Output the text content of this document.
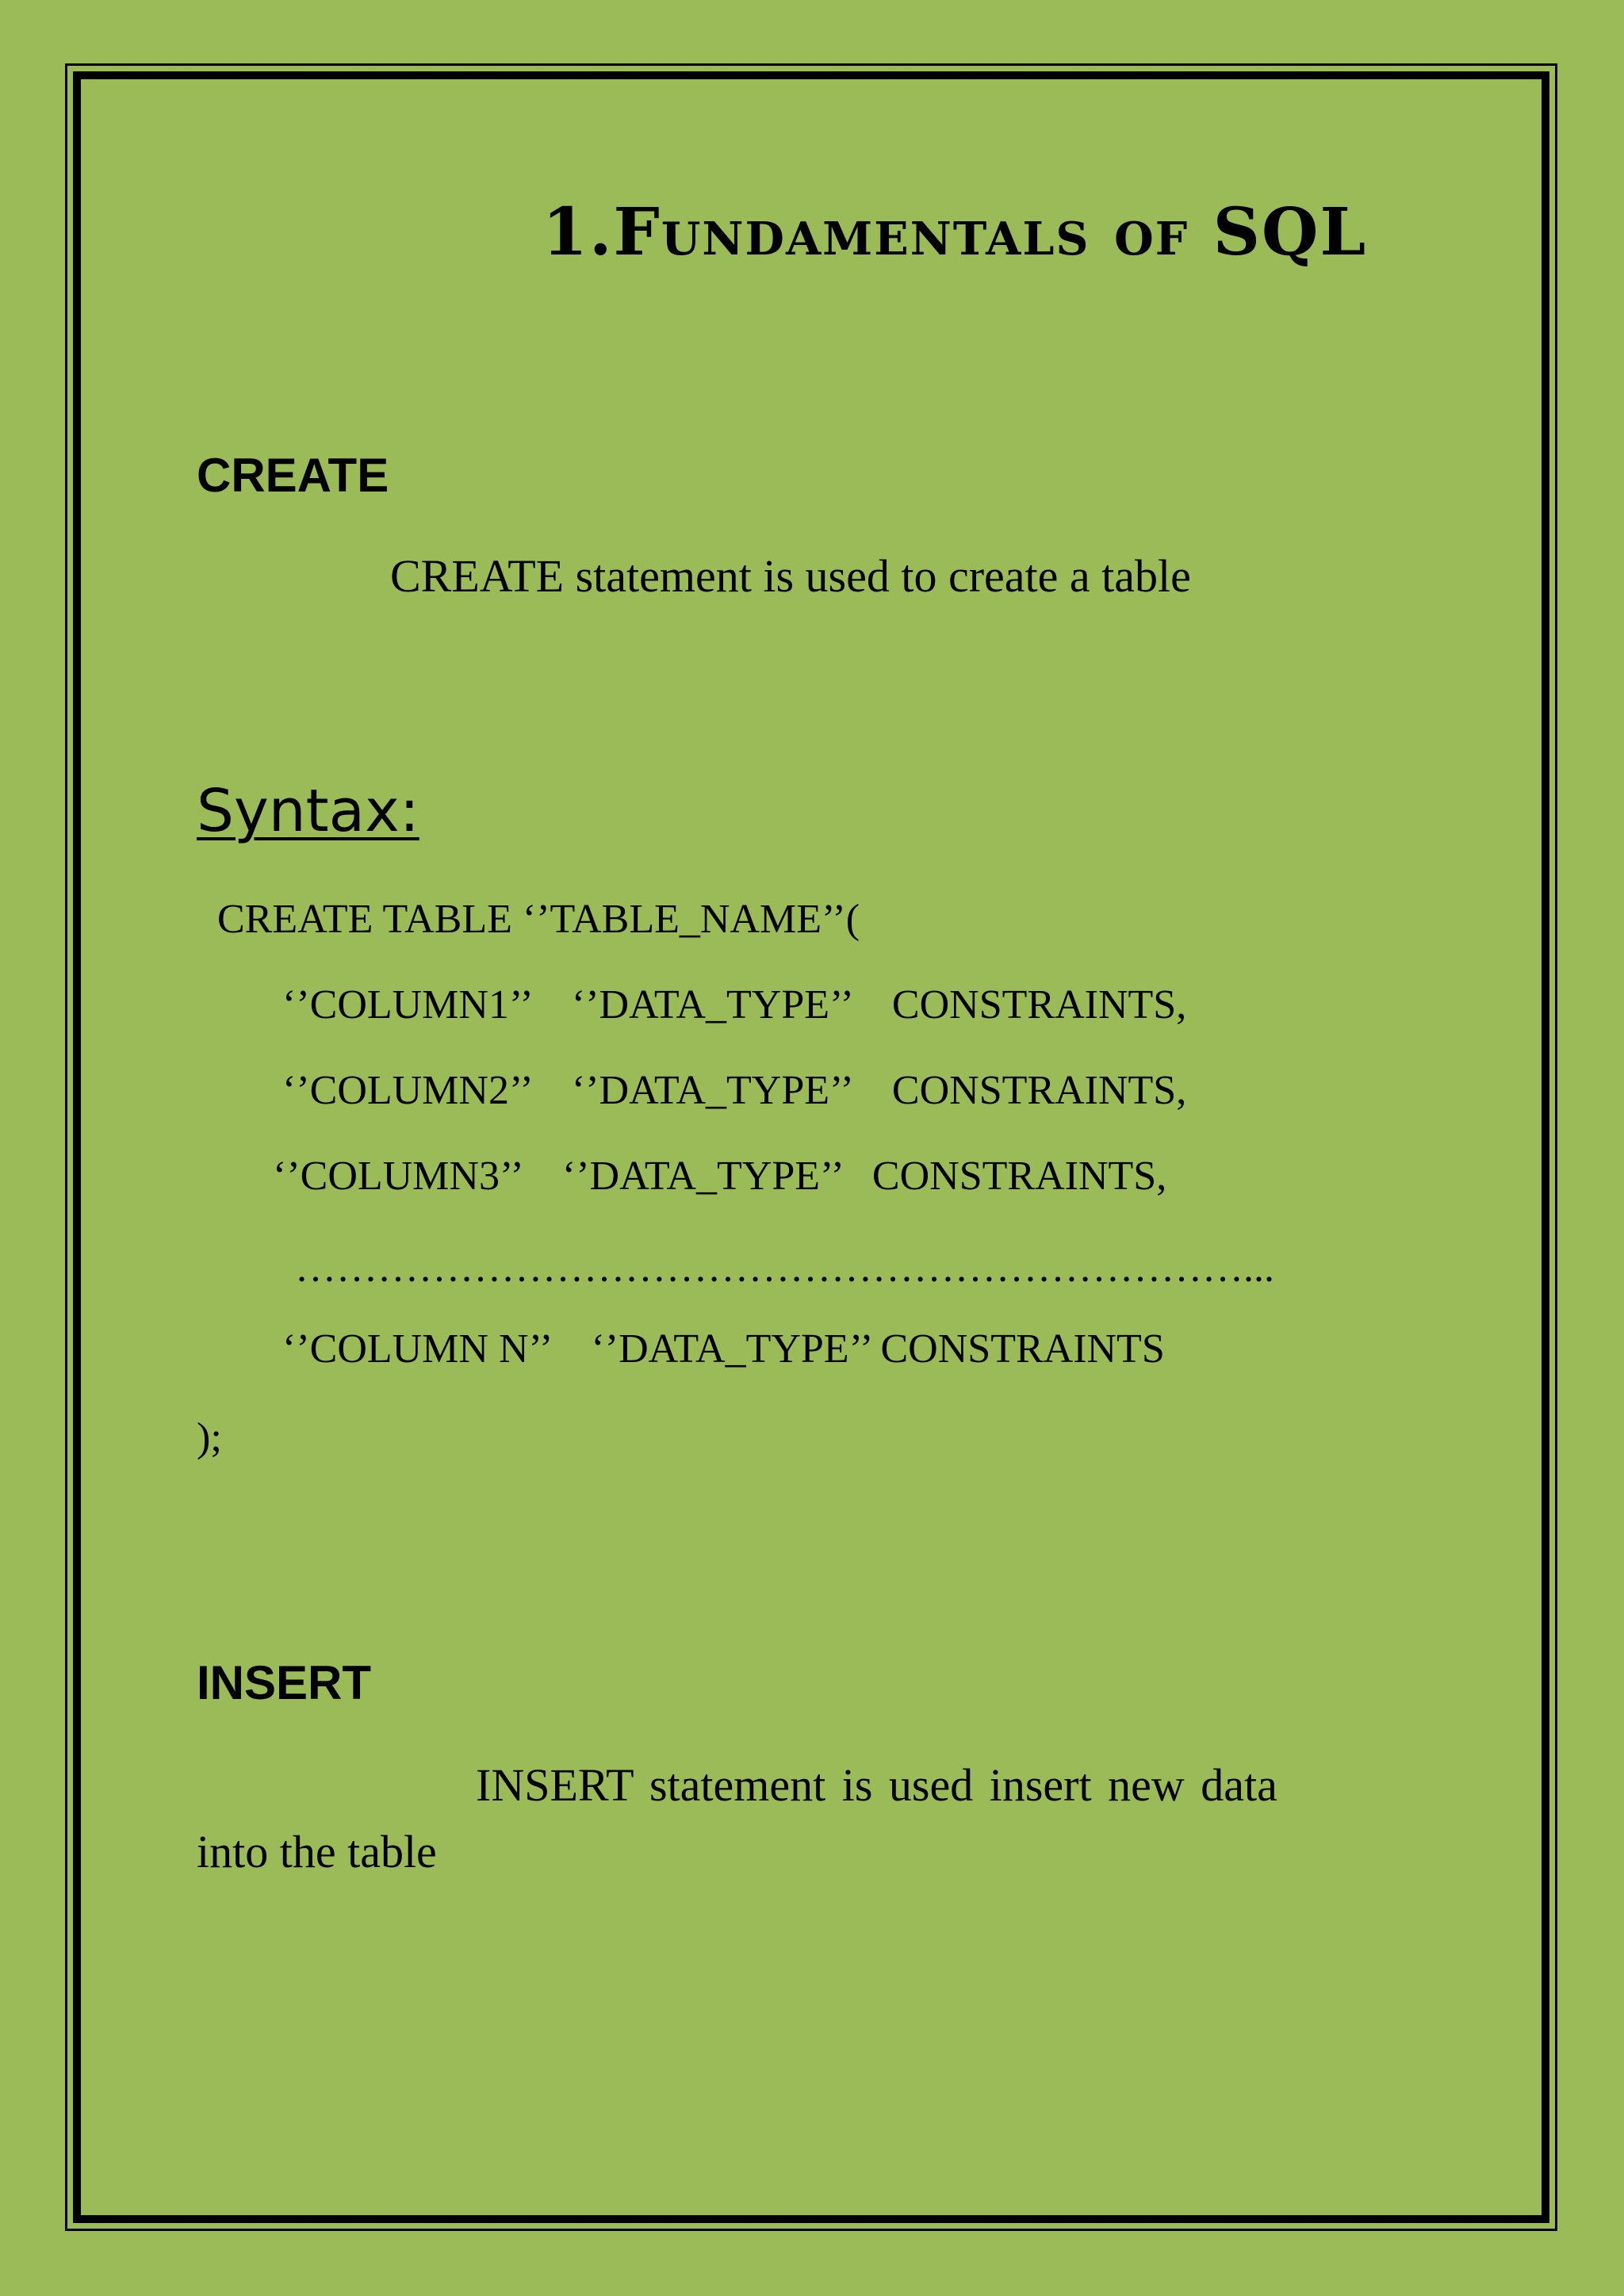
1.Fundamentals of SQL
CREATE
CREATE statement is used to create a table
Syntax:
CREATE TABLE ‘’TABLE_NAME’’(
‘’COLUMN1’’    ‘’DATA_TYPE’’    CONSTRAINTS,
‘’COLUMN2’’    ‘’DATA_TYPE’’    CONSTRAINTS,
‘’COLUMN3’’    ‘’DATA_TYPE’’   CONSTRAINTS,
……………………………………………………………...
‘’COLUMN N’’    ‘’DATA_TYPE’’ CONSTRAINTS
);
INSERT
INSERT statement is used insert new data
into the table
